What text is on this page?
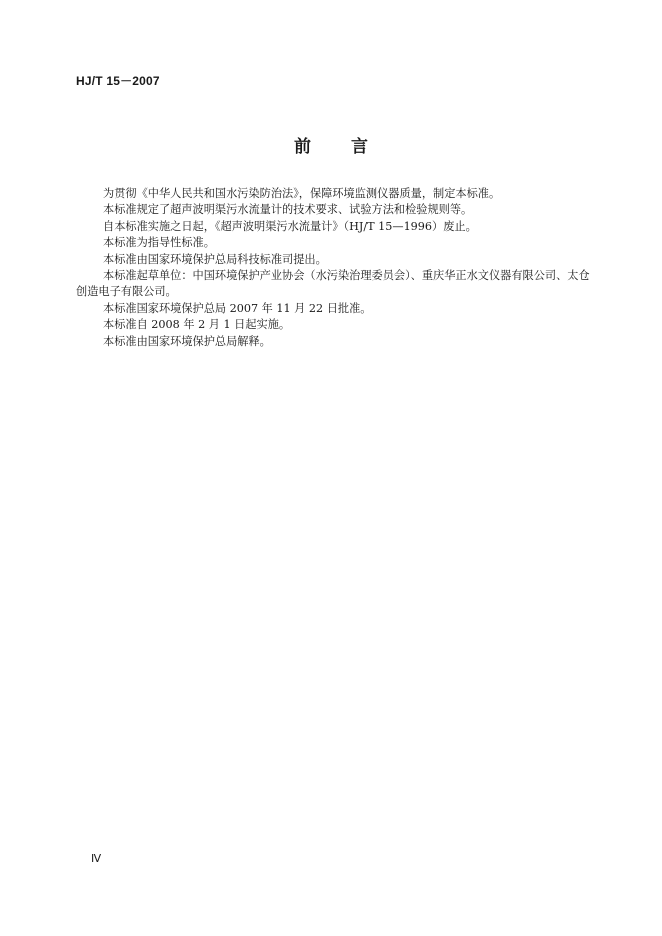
HJ/T 15－2007
前言

为贯彻《中华人民共和国水污染防治法》，保障环境监测仪器质量，制定本标准。

本标准规定了超声波明渠污水流量计的技术要求、试验方法和检验规则等。

自本标准实施之日起，《超声波明渠污水流量计》（HJ/T 15—1996）废止。

本标准为指导性标准。

本标准由国家环境保护总局科技标准司提出。

本标准起草单位：中国环境保护产业协会（水污染治理委员会）、重庆华正水文仪器有限公司、太仓创造电子有限公司。

本标准国家环境保护总局 2007 年 11 月 22 日批准。

本标准自 2008 年 2 月 1 日起实施。

本标准由国家环境保护总局解释。

Ⅳ
